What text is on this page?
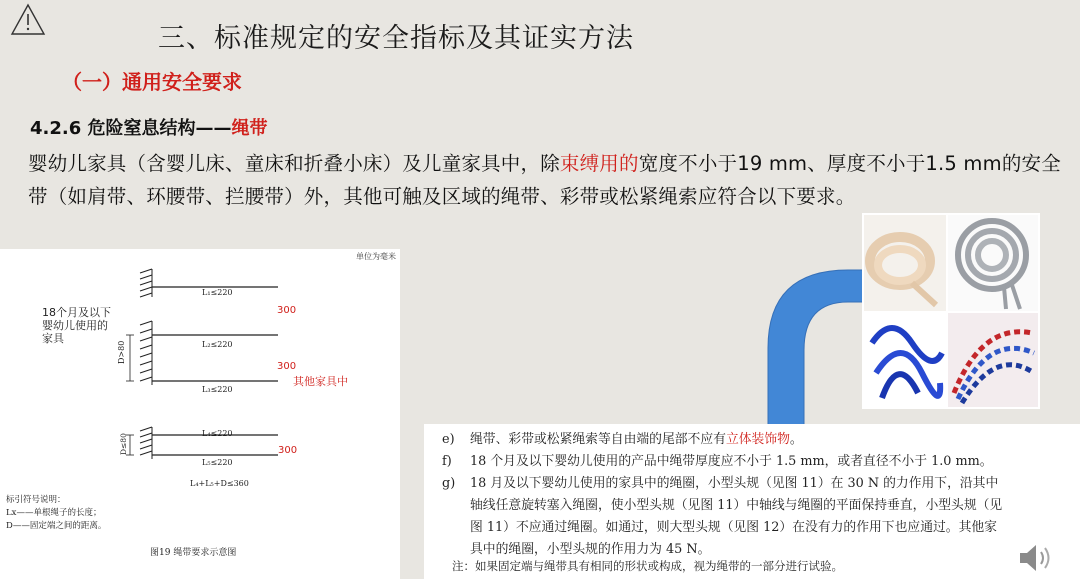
三、标准规定的安全指标及其证实方法
（一）通用安全要求
4.2.6 危险窒息结构——绳带
婴幼儿家具（含婴儿床、童床和折叠小床）及儿童家具中，除束缚用的宽度不小于19 mm、厚度不小于1.5 mm的安全带（如肩带、环腰带、拦腰带）外，其他可触及区域的绳带、彩带或松紧绳索应符合以下要求。
单位为毫米
18个月及以下婴幼儿使用的家具
D>80
D≤80
L₁≤220
L₂≤220
L₃≤220
L₄≤220
L₅≤220
L₄+L₅+D≤360
300
300
其他家具中
300
标引符号说明：
Lx——单根绳子的长度；
D——固定端之间的距离。
图19 绳带要求示意图
e) 绳带、彩带或松紧绳索等自由端的尾部不应有立体装饰物。
f) 18 个月及以下婴幼儿使用的产品中绳带厚度应不小于 1.5 mm，或者直径不小于 1.0 mm。
g) 18 月及以下婴幼儿使用的家具中的绳圈，小型头规（见图 11）在 30 N 的力作用下，沿其中
轴线任意旋转塞入绳圈，使小型头规（见图 11）中轴线与绳圈的平面保持垂直，小型头规（见
图 11）不应通过绳圈。如通过，则大型头规（见图 12）在没有力的作用下也应通过。其他家
具中的绳圈，小型头规的作用力为 45 N。
注：如果固定端与绳带具有相同的形状或构成，视为绳带的一部分进行试验。
